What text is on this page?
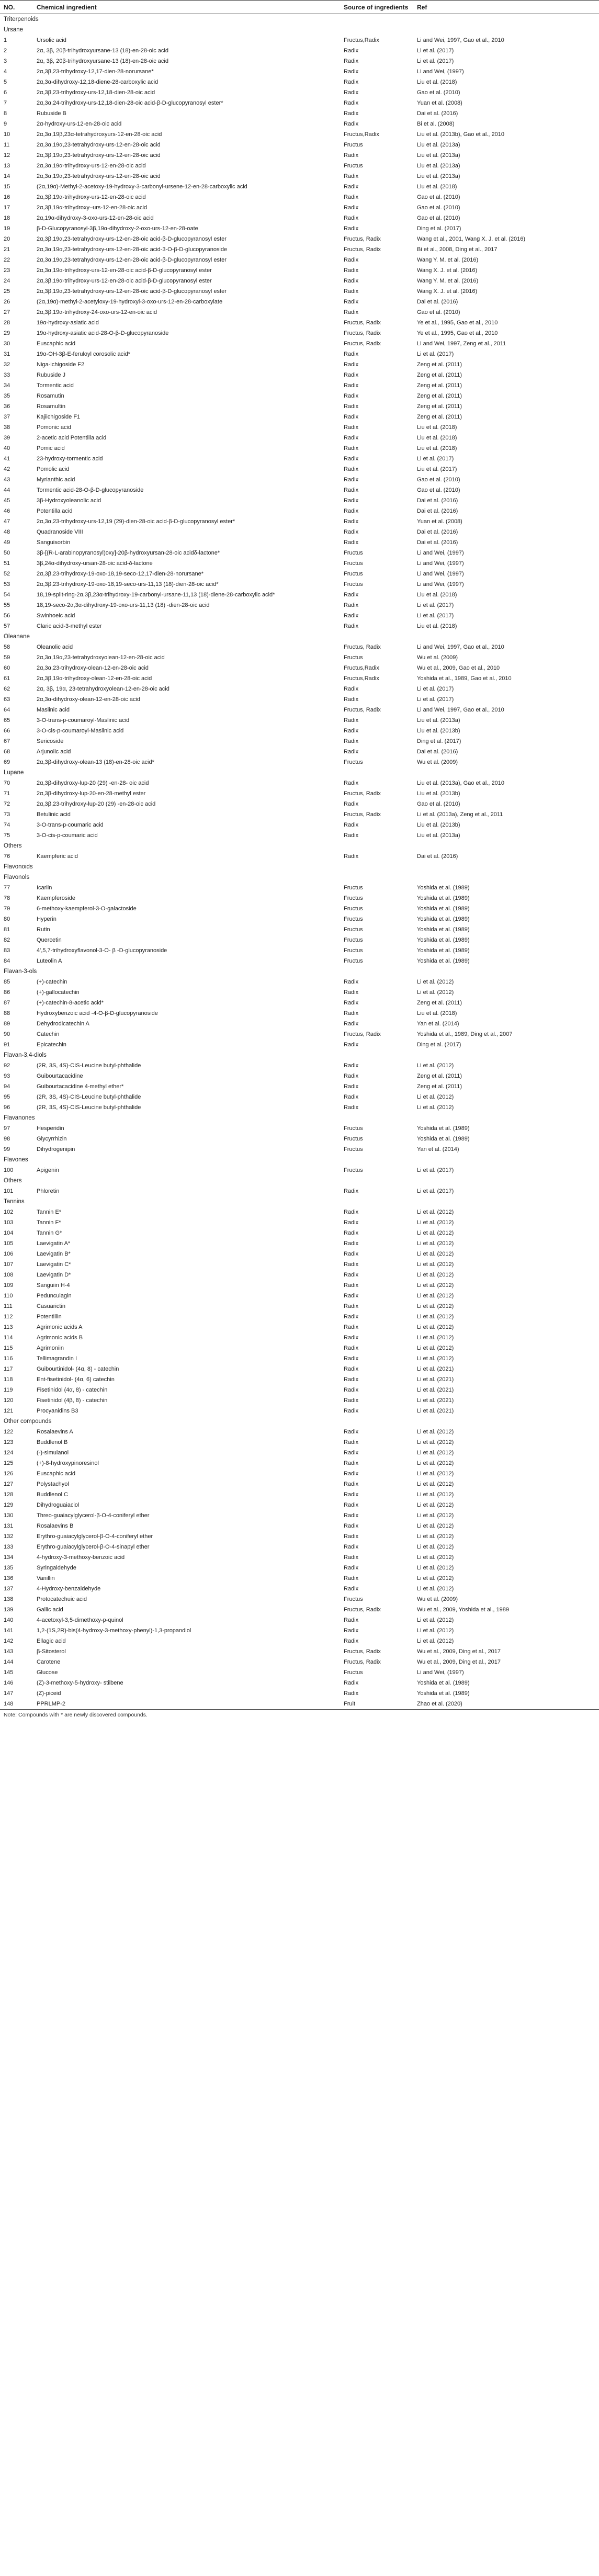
NO.	Chemical ingredient	Source of ingredients	Ref
Triterpenoids			
Ursane			
1	Ursolic acid	Fructus,Radix	Li and Wei, 1997, Gao et al., 2010
2	2α, 3β, 20β-trihydroxyursane-13 (18)-en-28-oic acid	Radix	Li et al. (2017)
3	2α, 3β, 20β-trihydroxyursane-13 (18)-en-28-oic acid	Radix	Li et al. (2017)
4	2α,3β,23-trihydroxy-12,17-dien-28-norursane*	Radix	Li and Wei, (1997)
5	2α,3α-dihydroxy-12,18-diene-28-carboxylic acid	Radix	Liu et al. (2018)
6	2α,3β,23-trihydroxy-urs-12,18-dien-28-oic acid	Radix	Gao et al. (2010)
7	2α,3α,24-trihydroxy-urs-12,18-dien-28-oic acid-β-D-glucopyranosyl ester*	Radix	Yuan et al. (2008)
8	Rubuside B	Radix	Dai et al. (2016)
9	2α-hydroxy-urs-12-en-28-oic acid	Radix	Bi et al. (2008)
10	2α,3α,19β,23α-tetrahydroxyurs-12-en-28-oic acid	Fructus,Radix	Liu et al. (2013b), Gao et al., 2010
11	2α,3α,19α,23-tetrahydroxy-urs-12-en-28-oic acid	Fructus	Liu et al. (2013a)
12	2α,3β,19α,23-tetrahydroxy-urs-12-en-28-oic acid	Radix	Liu et al. (2013a)
13	2α,3α,19α-trihydroxy-urs-12-en-28-oic acid	Fructus	Liu et al. (2013a)
14	2α,3α,19α,23-tetrahydroxy-urs-12-en-28-oic acid	Radix	Liu et al. (2013a)
15	(2α,19α)-Methyl-2-acetoxy-19-hydroxy-3-carbonyl-ursene-12-en-28-carboxylic acid	Radix	Liu et al. (2018)
16	2α,3β,19α-trihydroxy-urs-12-en-28-oic acid	Radix	Gao et al. (2010)
17	2α,3β,19α-trihydroxy–urs-12-en-28-oic acid	Radix	Gao et al. (2010)
18	2α,19α-dihydroxy-3-oxo-urs-12-en-28-oic acid	Radix	Gao et al. (2010)
19	β-D-Glucopyranosyl-3β,19α-dihydroxy-2-oxo-urs-12-en-28-oate	Radix	Ding et al. (2017)
20	2α,3β,19α,23-tetrahydroxy-urs-12-en-28-oic acid-β-D-glucopyranosyl ester	Fructus, Radix	Wang et al., 2001, Wang X. J. et al. (2016)
21	2α,3α,19α,23-tetrahydroxy-urs-12-en-28-oic acid-3-O-β-D-glucopyranoside	Fructus, Radix	Bi et al., 2008, Ding et al., 2017
22	2α,3α,19α,23-tetrahydroxy-urs-12-en-28-oic acid-β-D-glucopyranosyl ester	Radix	Wang Y. M. et al. (2016)
23	2α,3α,19α-trihydroxy-urs-12-en-28-oic acid-β-D-glucopyranosyl ester	Radix	Wang X. J. et al. (2016)
24	2α,3β,19α-trihydroxy-urs-12-en-28-oic acid-β-D-glucopyranosyl ester	Radix	Wang Y. M. et al. (2016)
25	2α,3β,19α,23-tetrahydroxy-urs-12-en-28-oic acid-β-D-glucopyranosyl ester	Radix	Wang X. J. et al. (2016)
26	(2α,19α)-methyl-2-acetyloxy-19-hydroxyl-3-oxo-urs-12-en-28-carboxylate	Radix	Dai et al. (2016)
27	2α,3β,19α-trihydroxy-24-oxo-urs-12-en-oic acid	Radix	Gao et al. (2010)
28	19α-hydroxy-asiatic acid	Fructus, Radix	Ye et al., 1995, Gao et al., 2010
29	19α-hydroxy-asiatic acid-28-O-β-D-glucopyranoside	Fructus, Radix	Ye et al., 1995, Gao et al., 2010
30	Euscaphic acid	Fructus, Radix	Li and Wei, 1997, Zeng et al., 2011
31	19α-OH-3β-E-feruloyl corosolic acid*	Radix	Li et al. (2017)
32	Niga-ichigoside F2	Radix	Zeng et al. (2011)
33	Rubuside J	Radix	Zeng et al. (2011)
34	Tormentic acid	Radix	Zeng et al. (2011)
35	Rosamutin	Radix	Zeng et al. (2011)
36	Rosamultin	Radix	Zeng et al. (2011)
37	Kajiichigoside F1	Radix	Zeng et al. (2011)
38	Pomonic acid	Radix	Liu et al. (2018)
39	2-acetic acid Potentilla acid	Radix	Liu et al. (2018)
40	Pomic acid	Radix	Liu et al. (2018)
41	23-hydroxy-tormentic acid	Radix	Li et al. (2017)
42	Pomolic acid	Radix	Liu et al. (2017)
43	Myrianthic acid	Radix	Gao et al. (2010)
44	Tormentic acid-28-O-β-D-glucopyranoside	Radix	Gao et al. (2010)
45	3β-Hydroxyoleanolic acid	Radix	Dai et al. (2016)
46	Potentilla acid	Radix	Dai et al. (2016)
47	2α,3α,23-trihydroxy-urs-12,19 (29)-dien-28-oic acid-β-D-glucopyranosyl ester*	Radix	Yuan et al. (2008)
48	Quadranoside VIII	Radix	Dai et al. (2016)
49	Sanguisorbin	Radix	Dai et al. (2016)
50	3β-[(R-L-arabinopyranosyl)oxy]-20β-hydroxyursan-28-oic acidδ-lactone*	Fructus	Li and Wei, (1997)
51	3β,24α-dihydroxy-ursan-28-oic acid-δ-lactone	Fructus	Li and Wei, (1997)
52	2α,3β,23-trihydroxy-19-oxo-18,19-seco-12,17-dien-28-norursane*	Fructus	Li and Wei, (1997)
53	2α,3β,23-trihydroxy-19-oxo-18,19-seco-urs-11,13 (18)-dien-28-oic acid*	Fructus	Li and Wei, (1997)
54	18,19-split-ring-2α,3β,23α-trihydroxy-19-carbonyl-ursane-11,13 (18)-diene-28-carboxylic acid*	Radix	Liu et al. (2018)
55	18,19-seco-2α,3α-dihydroxy-19-oxo-urs-11,13 (18) -dien-28-oic acid	Radix	Li et al. (2017)
56	Swinhoeic acid	Radix	Li et al. (2017)
57	Claric acid-3-methyl ester	Radix	Liu et al. (2018)
Oleanane			
58	Oleanolic acid	Fructus, Radix	Li and Wei, 1997, Gao et al., 2010
59	2α,3α,19α,23-tetrahydroxyolean-12-en-28-oic acid	Fructus	Wu et al. (2009)
60	2α,3α,23-trihydroxy-olean-12-en-28-oic acid	Fructus,Radix	Wu et al., 2009, Gao et al., 2010
61	2α,3β,19α-trihydroxy-olean-12-en-28-oic acid	Fructus,Radix	Yoshida et al., 1989, Gao et al., 2010
62	2α, 3β, 19α, 23-tetrahydroxyolean-12-en-28-oic acid	Radix	Li et al. (2017)
63	2α,3α-dihydroxy-olean-12-en-28-oic acid	Radix	Li et al. (2017)
64	Maslinic acid	Fructus, Radix	Li and Wei, 1997, Gao et al., 2010
65	3-O-trans-p-coumaroyl-Maslinic acid	Radix	Liu et al. (2013a)
66	3-O-cis-p-coumaroyl-Maslinic acid	Radix	Liu et al. (2013b)
67	Sericoside	Radix	Ding et al. (2017)
68	Arjunolic acid	Radix	Dai et al. (2016)
69	2α,3β-dihydroxy-olean-13 (18)-en-28-oic acid*	Fructus	Wu et al. (2009)
Lupane			
70	2α,3β-dihydroxy-lup-20 (29) -en-28- oic acid	Radix	Liu et al. (2013a), Gao et al., 2010
71	2α,3β-dihydroxy-lup-20-en-28-methyl ester	Fructus, Radix	Liu et al. (2013b)
72	2α,3β,23-trihydroxy-lup-20 (29) -en-28-oic acid	Radix	Gao et al. (2010)
73	Betulinic acid	Fructus, Radix	Li et al. (2013a), Zeng et al., 2011
74	3-O-trans-p-coumaric acid	Radix	Liu et al. (2013b)
75	3-O-cis-p-coumaric acid	Radix	Liu et al. (2013a)
Others			
76	Kaempferic acid	Radix	Dai et al. (2016)
Flavonoids			
Flavonols			
77	Icariin	Fructus	Yoshida et al. (1989)
78	Kaempferoside	Fructus	Yoshida et al. (1989)
79	6-methoxy-kaempferol-3-O-galactoside	Fructus	Yoshida et al. (1989)
80	Hyperin	Fructus	Yoshida et al. (1989)
81	Rutin	Fructus	Yoshida et al. (1989)
82	Quercetin	Fructus	Yoshida et al. (1989)
83	4',5,7-trihydroxyflavonol-3-O- β -D-glucopyranoside	Fructus	Yoshida et al. (1989)
84	Luteolin A	Fructus	Yoshida et al. (1989)
Flavan-3-ols			
85	(+)-catechin	Radix	Li et al. (2012)
86	(+)-gallocatechin	Radix	Li et al. (2012)
87	(+)-catechin-8-acetic acid*	Radix	Zeng et al. (2011)
88	Hydroxybenzoic acid -4-O-β-D-glucopyranoside	Radix	Liu et al. (2018)
89	Dehydrodicatechin A	Radix	Yan et al. (2014)
90	Catechin	Fructus, Radix	Yoshida et al., 1989, Ding et al., 2007
91	Epicatechin	Radix	Ding et al. (2017)
Flavan-3,4-diols			
92	(2R, 3S, 4S)-CIS-Leucine butyl-phthalide	Radix	Li et al. (2012)
93	Guibourtacacidine	Radix	Zeng et al. (2011)
94	Guibourtacacidine 4-methyl ether*	Radix	Zeng et al. (2011)
95	(2R, 3S, 4S)-CIS-Leucine butyl-phthalide	Radix	Li et al. (2012)
96	(2R, 3S, 4S)-CIS-Leucine butyl-phthalide	Radix	Li et al. (2012)
Flavanones			
97	Hesperidin	Fructus	Yoshida et al. (1989)
98	Glycyrrhizin	Fructus	Yoshida et al. (1989)
99	Dihydrogenipin	Fructus	Yan et al. (2014)
Flavones			
100	Apigenin	Fructus	Li et al. (2017)
Others			
101	Phloretin	Radix	Li et al. (2017)
Tannins			
102	Tannin E*	Radix	Li et al. (2012)
103	Tannin F*	Radix	Li et al. (2012)
104	Tannin G*	Radix	Li et al. (2012)
105	Laevigatin A*	Radix	Li et al. (2012)
106	Laevigatin B*	Radix	Li et al. (2012)
107	Laevigatin C*	Radix	Li et al. (2012)
108	Laevigatin D*	Radix	Li et al. (2012)
109	Sanguiin H-4	Radix	Li et al. (2012)
110	Pedunculagin	Radix	Li et al. (2012)
111	Casuarictin	Radix	Li et al. (2012)
112	Potentillin	Radix	Li et al. (2012)
113	Agrimonic acids A	Radix	Li et al. (2012)
114	Agrimonic acids B	Radix	Li et al. (2012)
115	Agrimoniin	Radix	Li et al. (2012)
116	Tellimagrandin I	Radix	Li et al. (2012)
117	Guibourtinidol- (4α, 8) - catechin	Radix	Li et al. (2021)
118	Ent-fisetinidol- (4α, 6) catechin	Radix	Li et al. (2021)
119	Fisetinidol (4α, 8) - catechin	Radix	Li et al. (2021)
120	Fisetinidol (4β, 8) - catechin	Radix	Li et al. (2021)
121	Procyanidins B3	Radix	Li et al. (2021)
Other compounds			
122	Rosalaevins A	Radix	Li et al. (2012)
123	Buddlenol B	Radix	Li et al. (2012)
124	(-)-simulanol	Radix	Li et al. (2012)
125	(+)-8-hydroxypinoresinol	Radix	Li et al. (2012)
126	Euscaphic acid	Radix	Li et al. (2012)
127	Polystachyol	Radix	Li et al. (2012)
128	Buddlenol C	Radix	Li et al. (2012)
129	Dihydroguaiaciol	Radix	Li et al. (2012)
130	Threo-guaiacylglycerol-β-O-4-coniferyl ether	Radix	Li et al. (2012)
131	Rosalaevins B	Radix	Li et al. (2012)
132	Erythro-guaiacylglycerol-β-O-4-coniferyl ether	Radix	Li et al. (2012)
133	Erythro-guaiacylglycerol-β-O-4-sinapyl ether	Radix	Li et al. (2012)
134	4-hydroxy-3-methoxy-benzoic acid	Radix	Li et al. (2012)
135	Syringaldehyde	Radix	Li et al. (2012)
136	Vanillin	Radix	Li et al. (2012)
137	4-Hydroxy-benzaldehyde	Radix	Li et al. (2012)
138	Protocatechuic acid	Fructus	Wu et al. (2009)
139	Gallic acid	Fructus, Radix	Wu et al., 2009, Yoshida et al., 1989
140	4-acetoxyl-3,5-dimethoxy-p-quinol	Radix	Li et al. (2012)
141	1,2-(1S,2R)-bis(4-hydroxy-3-methoxy-phenyl)-1,3-propandiol	Radix	Li et al. (2012)
142	Ellagic acid	Radix	Li et al. (2012)
143	β-Sitosterol	Fructus, Radix	Wu et al., 2009, Ding et al., 2017
144	Carotene	Fructus, Radix	Wu et al., 2009, Ding et al., 2017
145	Glucose	Fructus	Li and Wei, (1997)
146	(Z)-3-methoxy-5-hydroxy- stilbene	Radix	Yoshida et al. (1989)
147	(Z)-piceid	Radix	Yoshida et al. (1989)
148	PPRLMP-2	Fruit	Zhao et al. (2020)

Note: Compounds with * are newly discovered compounds.
